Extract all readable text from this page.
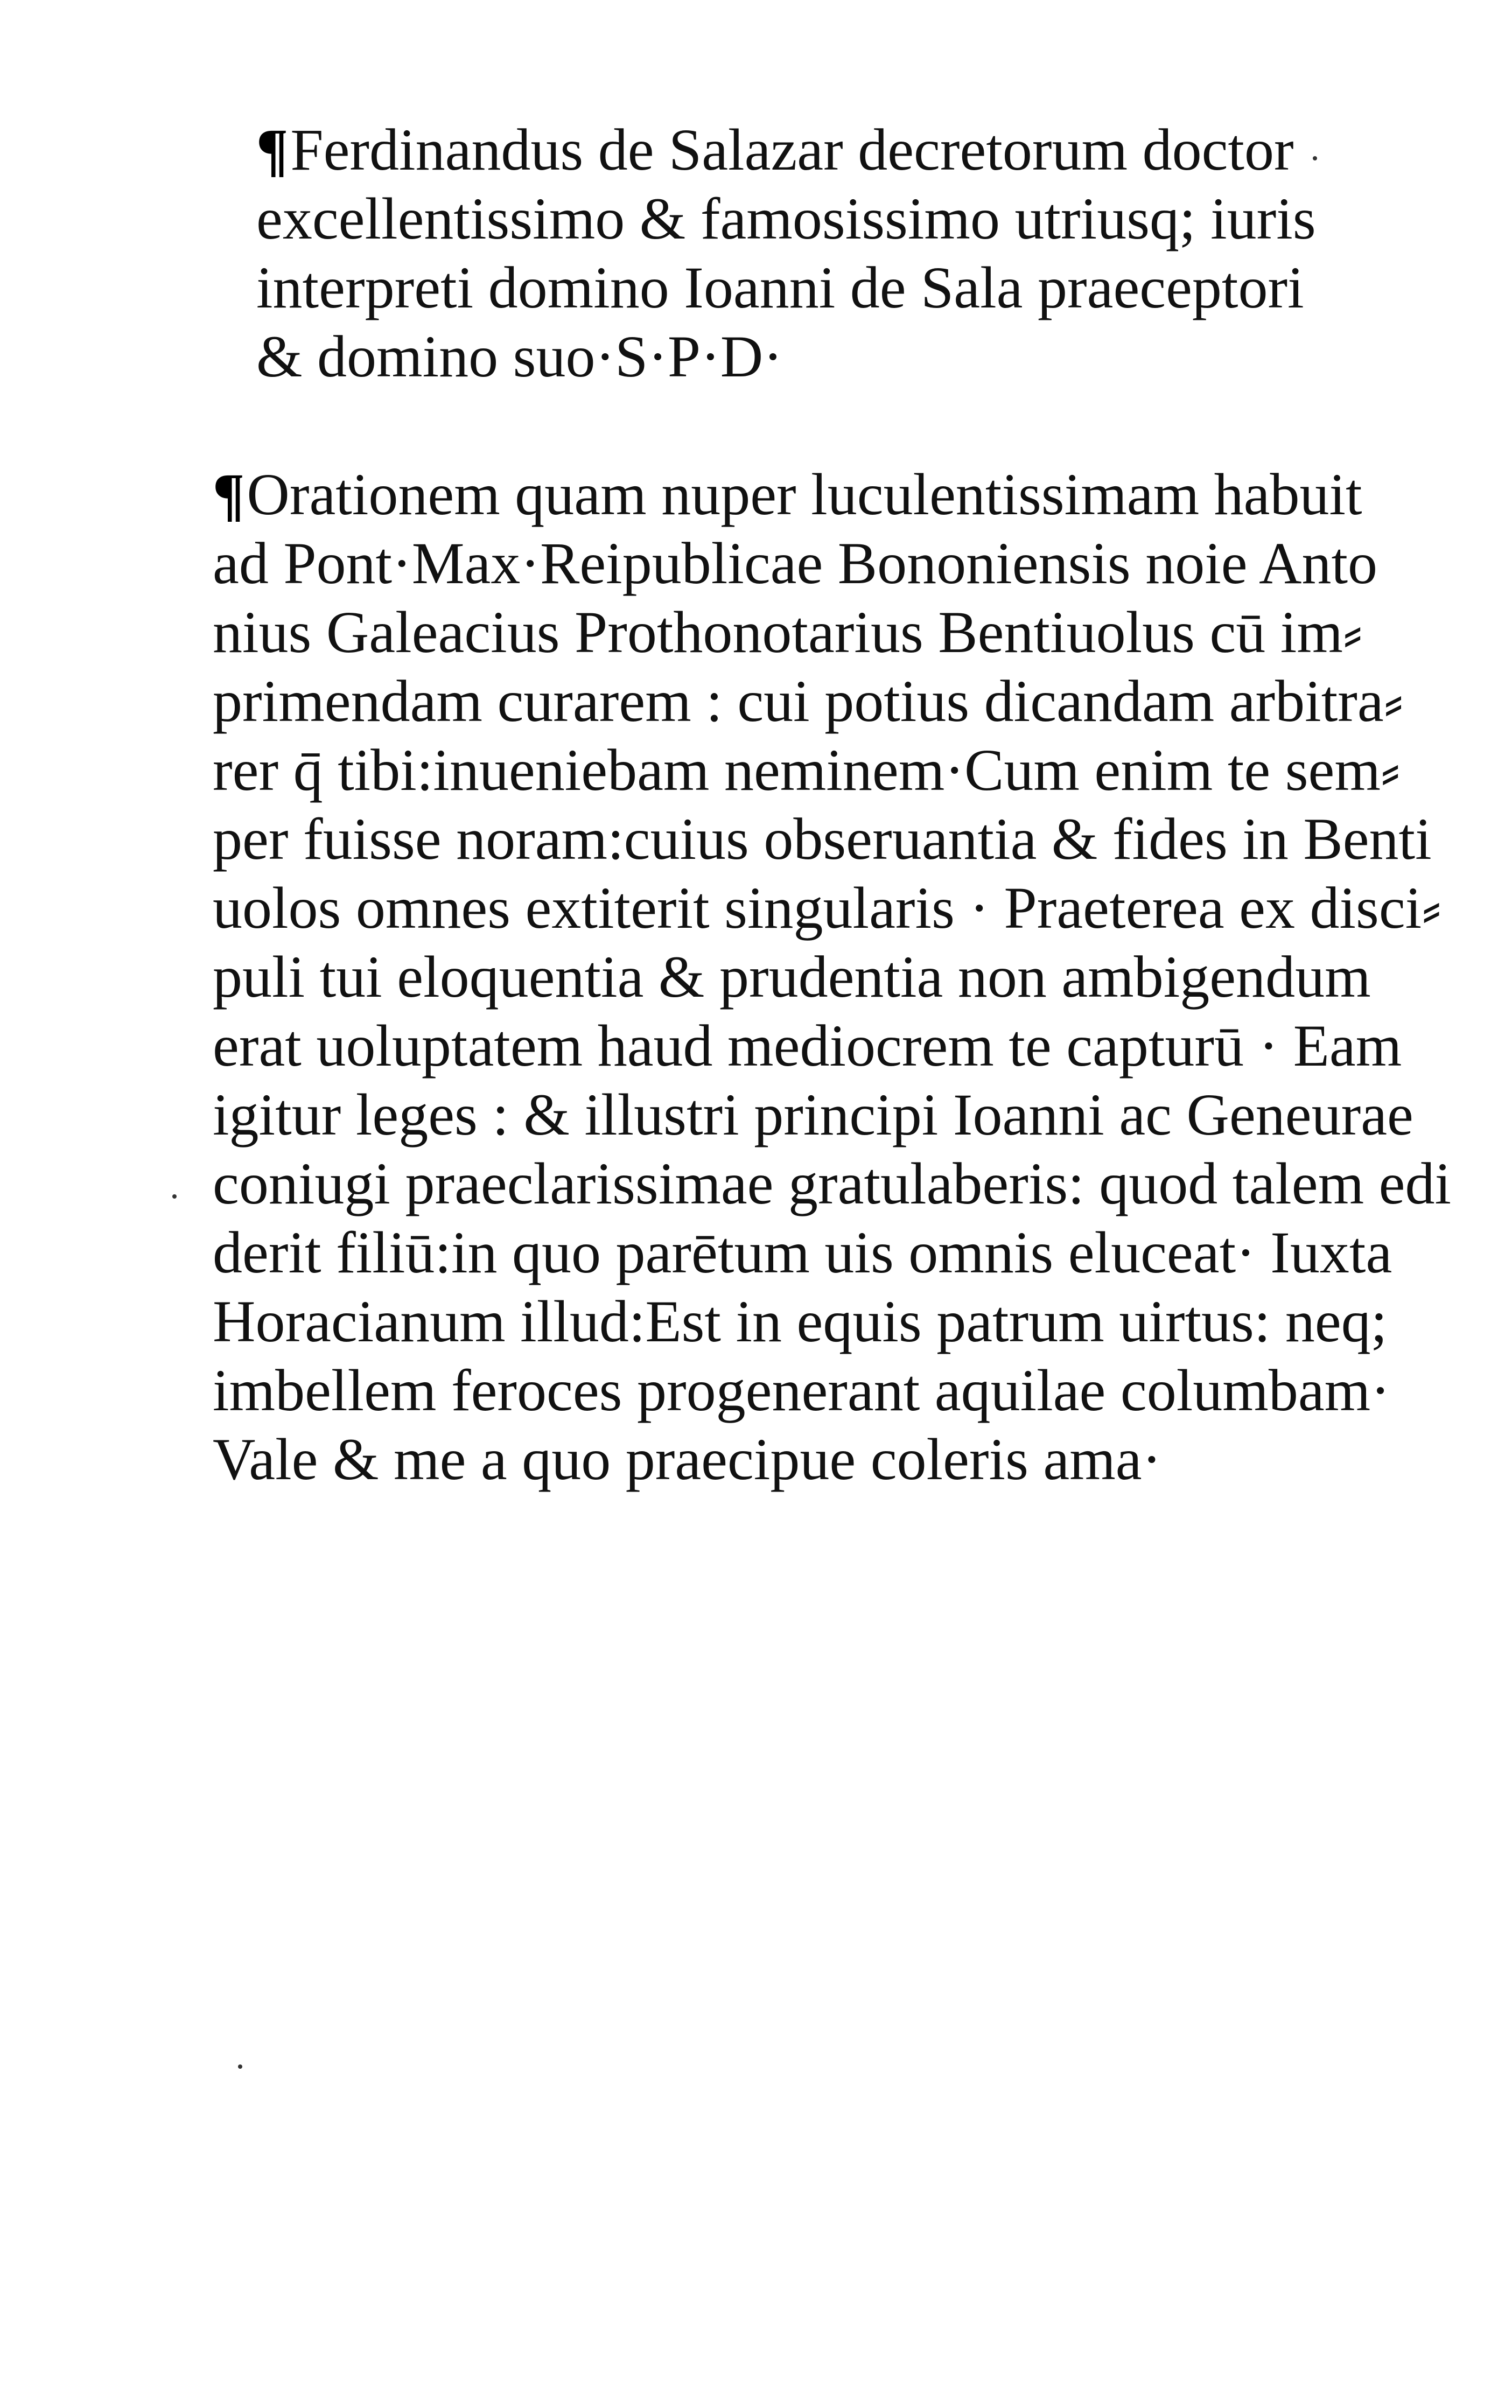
¶Ferdinandus de Salazar decretorum doctor
excellentissimo & famosissimo utriusq; iuris
interpreti domino Ioanni de Sala praeceptori
& domino suo·S·P·D·
¶Orationem quam nuper luculentissimam habuit
ad Pont·Max·Reipublicae Bononiensis noie Anto
nius Galeacius Prothonotarius Bentiuolus cū im⸗
primendam curarem : cui potius dicandam arbitra⸗
rer q̄ tibi:inueniebam neminem·Cum enim te sem⸗
per fuisse noram:cuius obseruantia & fides in Benti
uolos omnes extiterit singularis · Praeterea ex disci⸗
puli tui eloquentia & prudentia non ambigendum
erat uoluptatem haud mediocrem te capturū · Eam
igitur leges : & illustri principi Ioanni ac Geneurae
coniugi praeclarissimae gratulaberis: quod talem edi
derit filiū:in quo parētum uis omnis eluceat· Iuxta
Horacianum illud:Est in equis patrum uirtus: neq;
imbellem feroces progenerant aquilae columbam·
Vale & me a quo praecipue coleris ama·
